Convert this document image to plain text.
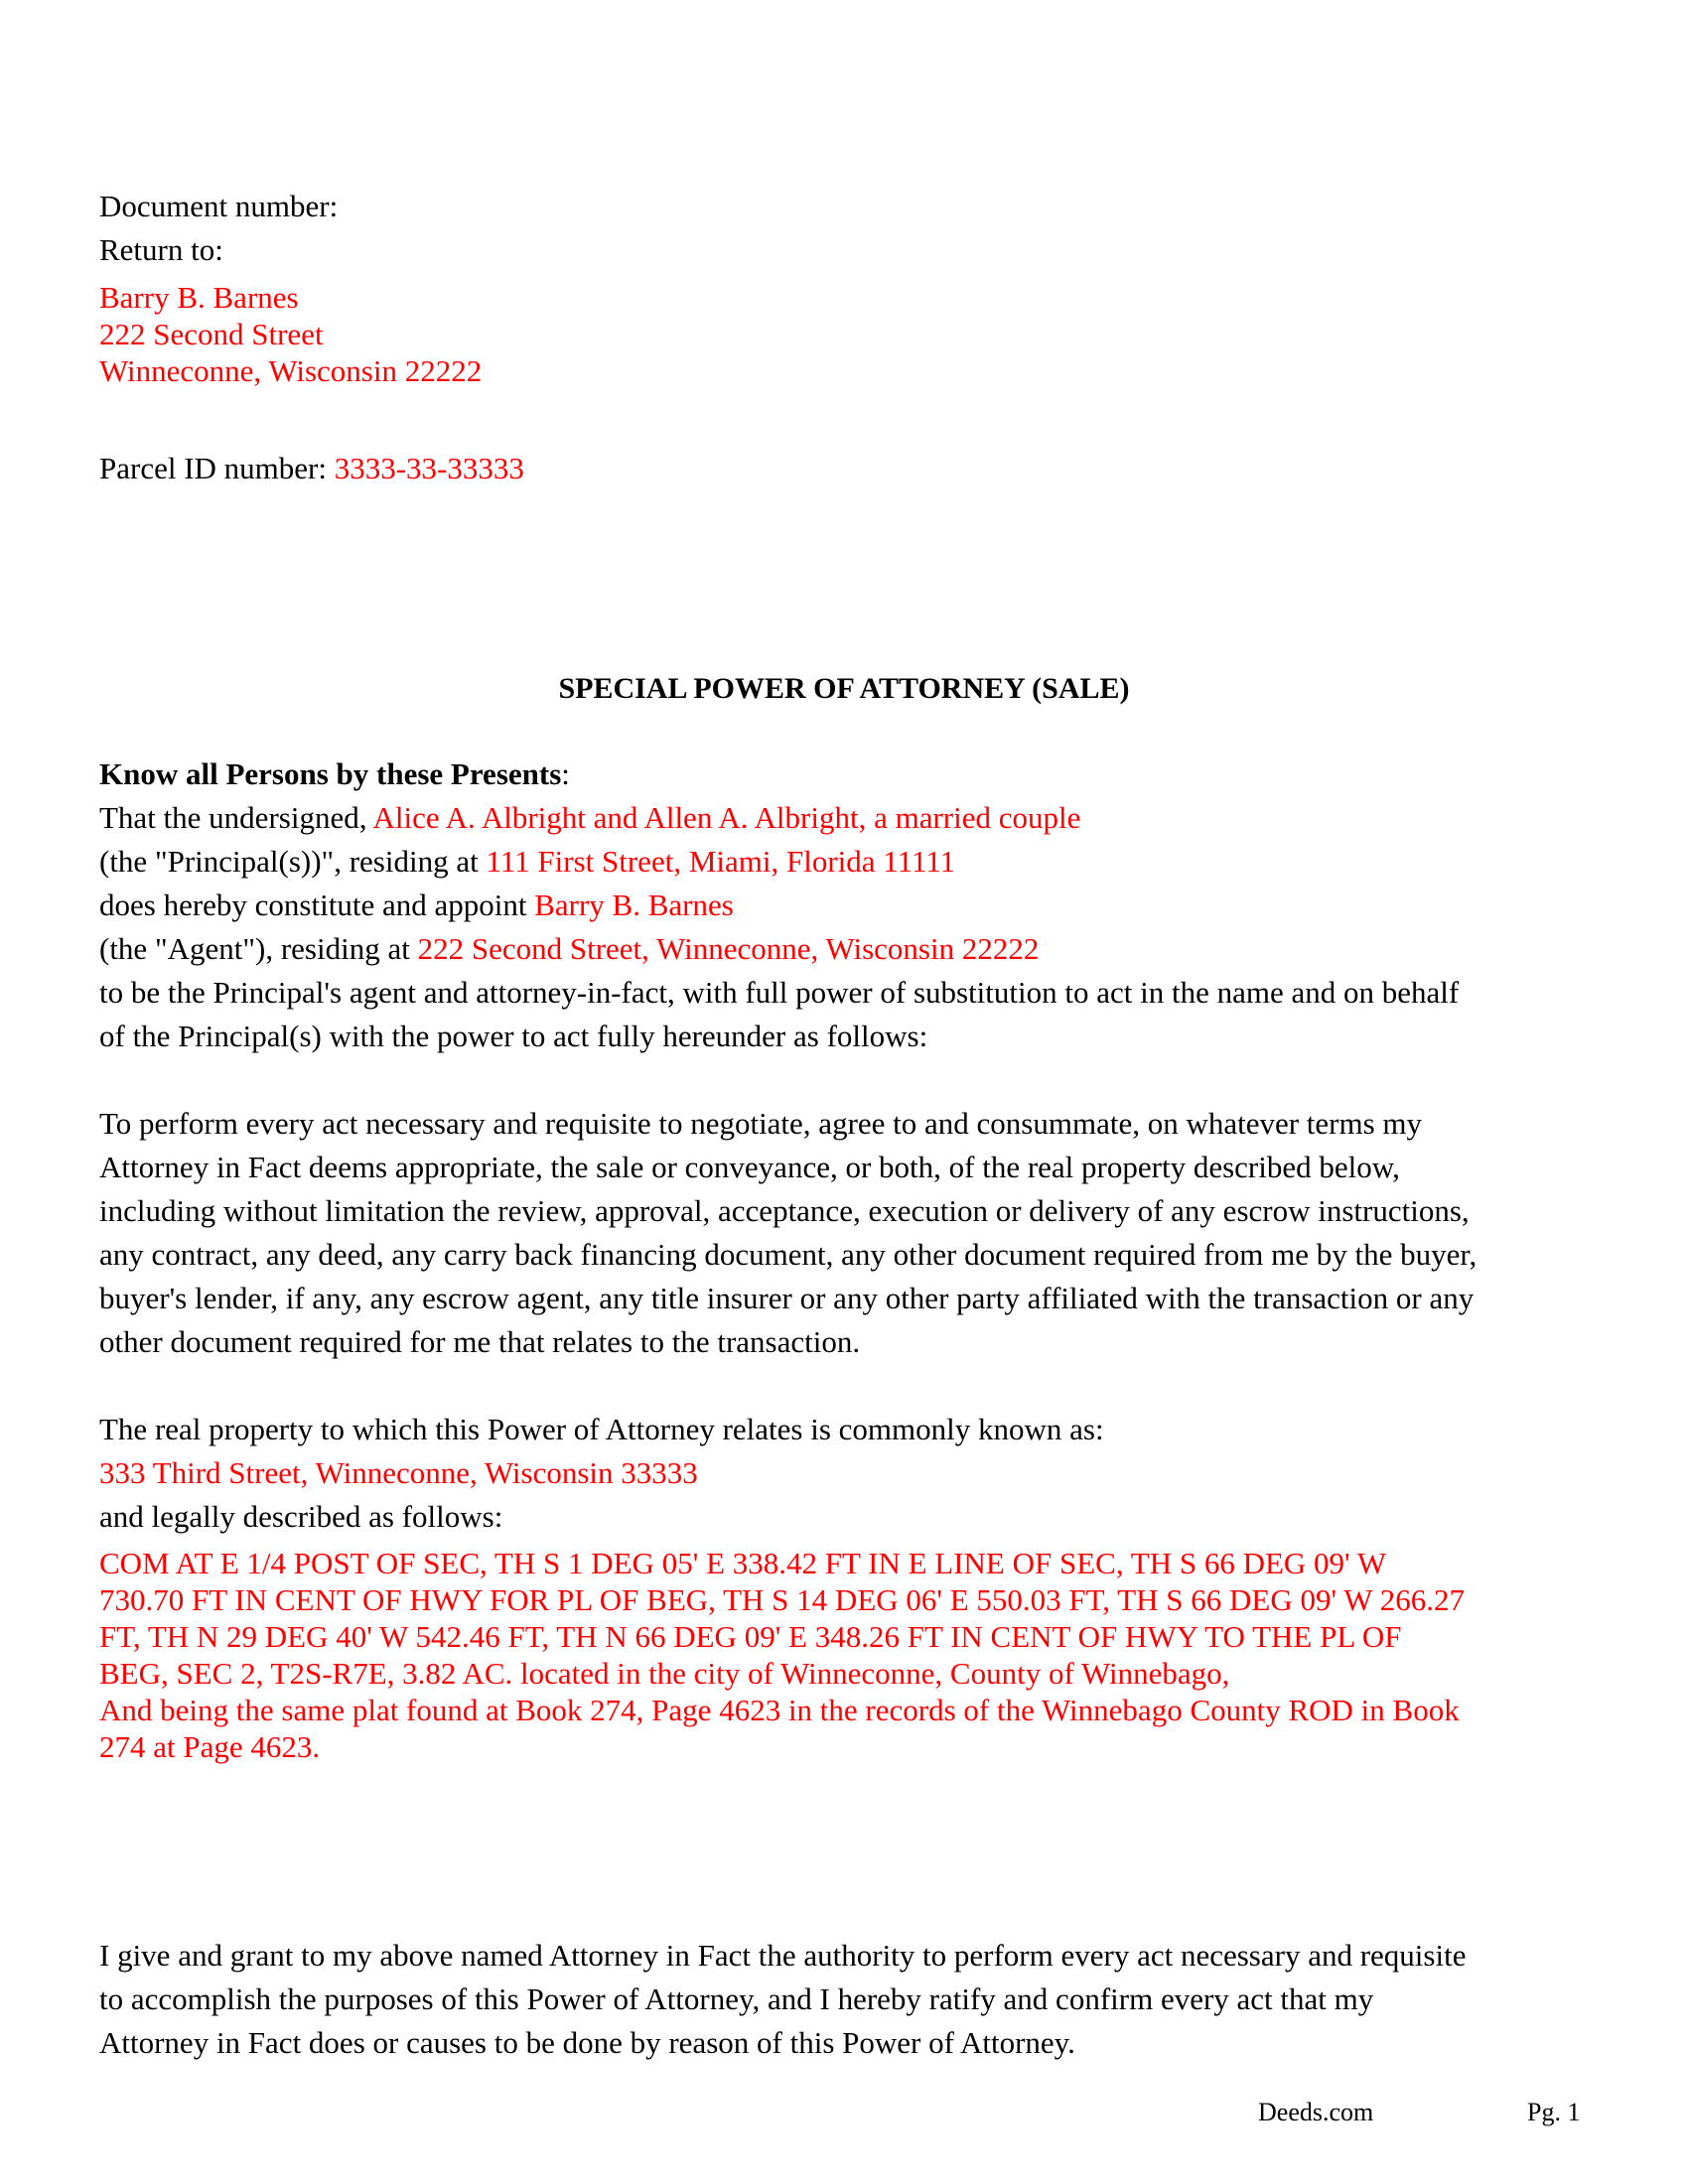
Document number:
Return to:
Barry B. Barnes
222 Second Street
Winneconne, Wisconsin 22222
Parcel ID number: 3333-33-33333
SPECIAL POWER OF ATTORNEY (SALE)
Know all Persons by these Presents:
That the undersigned, Alice A. Albright and Allen A. Albright, a married couple
(the "Principal(s))", residing at 111 First Street, Miami, Florida 11111
does hereby constitute and appoint Barry B. Barnes
(the "Agent"), residing at 222 Second Street, Winneconne, Wisconsin 22222
to be the Principal's agent and attorney-in-fact, with full power of substitution to act in the name and on behalf
of the Principal(s) with the power to act fully hereunder as follows:
To perform every act necessary and requisite to negotiate, agree to and consummate, on whatever terms my
Attorney in Fact deems appropriate, the sale or conveyance, or both, of the real property described below,
including without limitation the review, approval, acceptance, execution or delivery of any escrow instructions,
any contract, any deed, any carry back financing document, any other document required from me by the buyer,
buyer's lender, if any, any escrow agent, any title insurer or any other party affiliated with the transaction or any
other document required for me that relates to the transaction.
The real property to which this Power of Attorney relates is commonly known as:
333 Third Street, Winneconne, Wisconsin 33333
and legally described as follows:
COM AT E 1/4 POST OF SEC, TH S 1 DEG 05' E 338.42 FT IN E LINE OF SEC, TH S 66 DEG 09' W
730.70 FT IN CENT OF HWY FOR PL OF BEG, TH S 14 DEG 06' E 550.03 FT, TH S 66 DEG 09' W 266.27
FT, TH N 29 DEG 40' W 542.46 FT, TH N 66 DEG 09' E 348.26 FT IN CENT OF HWY TO THE PL OF
BEG, SEC 2, T2S-R7E, 3.82 AC. located in the city of Winneconne, County of Winnebago,
And being the same plat found at Book 274, Page 4623 in the records of the Winnebago County ROD in Book
274 at Page 4623.
I give and grant to my above named Attorney in Fact the authority to perform every act necessary and requisite
to accomplish the purposes of this Power of Attorney, and I hereby ratify and confirm every act that my
Attorney in Fact does or causes to be done by reason of this Power of Attorney.
Deeds.com	Pg. 1
